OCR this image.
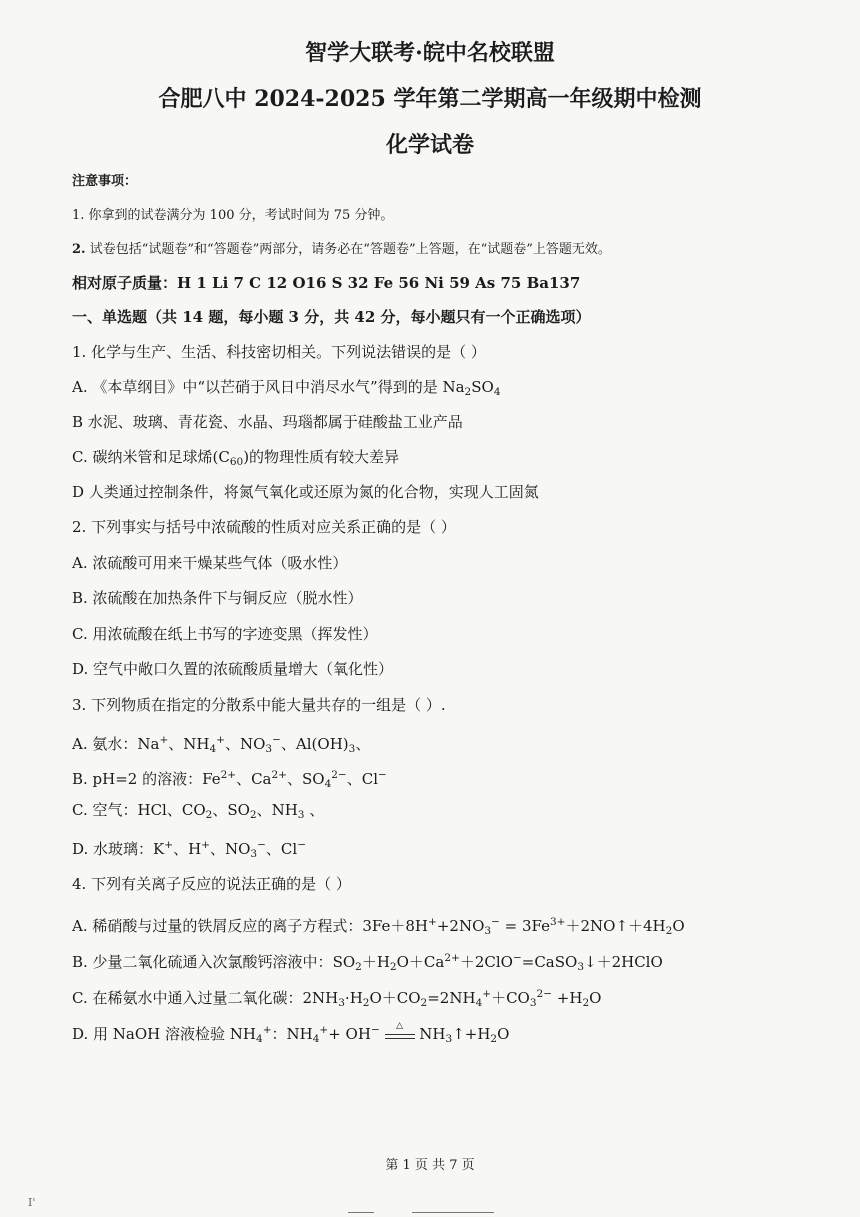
智学大联考·皖中名校联盟
合肥八中 2024-2025 学年第二学期高一年级期中检测
化学试卷
注意事项：
1. 你拿到的试卷满分为 100 分，考试时间为 75 分钟。
2. 试卷包括“试题卷”和“答题卷”两部分，请务必在“答题卷”上答题，在“试题卷”上答题无效。
相对原子质量：H 1 Li 7 C 12 O16 S 32 Fe 56 Ni 59 As 75 Ba137
一、单选题（共 14 题，每小题 3 分，共 42 分，每小题只有一个正确选项）
1. 化学与生产、生活、科技密切相关。下列说法错误的是（ ）
A. 《本草纲目》中“以芒硝于风日中消尽水气”得到的是 $Na_2SO_4$
B 水泥、玻璃、青花瓷、水晶、玛瑙都属于硅酸盐工业产品
C. 碳纳米管和足球烯$(C_{60})$的物理性质有较大差异
D 人类通过控制条件，将氮气氧化或还原为氮的化合物，实现人工固氮
2. 下列事实与括号中浓硫酸的性质对应关系正确的是（ ）
A. 浓硫酸可用来干燥某些气体（吸水性）
B. 浓硫酸在加热条件下与铜反应（脱水性）
C. 用浓硫酸在纸上书写的字迹变黑（挥发性）
D. 空气中敞口久置的浓硫酸质量增大（氧化性）
3. 下列物质在指定的分散系中能大量共存的一组是（ ）.
A. 氨水：Na+、$NH_4^+$、$NO_3^-$、$Al(OH)_3$、
B. pH=2 的溶液：$Fe^{2+}$、$Ca^{2+}$、$SO_4^{2-}$、Cl−
C. 空气：HCl、$CO_2$、$SO_2$、$NH_3$ 、
D. 水玻璃：K+、H+、$NO_3^-$、Cl−
4. 下列有关离子反应的说法正确的是（ ）
A. 稀硝酸与过量的铁屑反应的离子方程式：$3Fe+8H^++2NO_3^-$ = $3Fe^{3+}+2NO↑+4H_2O$
B. 少量二氧化硫通入次氯酸钙溶液中：$SO_2+H_2O+Ca^{2+}+2ClO^-=CaSO_3↓+2HClO$
C. 在稀氨水中通入过量二氧化碳：$2NH_3\cdot H_2O+CO_2=2NH_4^++CO_3^{2-} +H_2O$
D. 用 NaOH 溶液检验 $NH_4^+$：$NH_4^++ OH^-$	△ $NH_3↑+H_2O$
第 1 页 共 7 页
I'
